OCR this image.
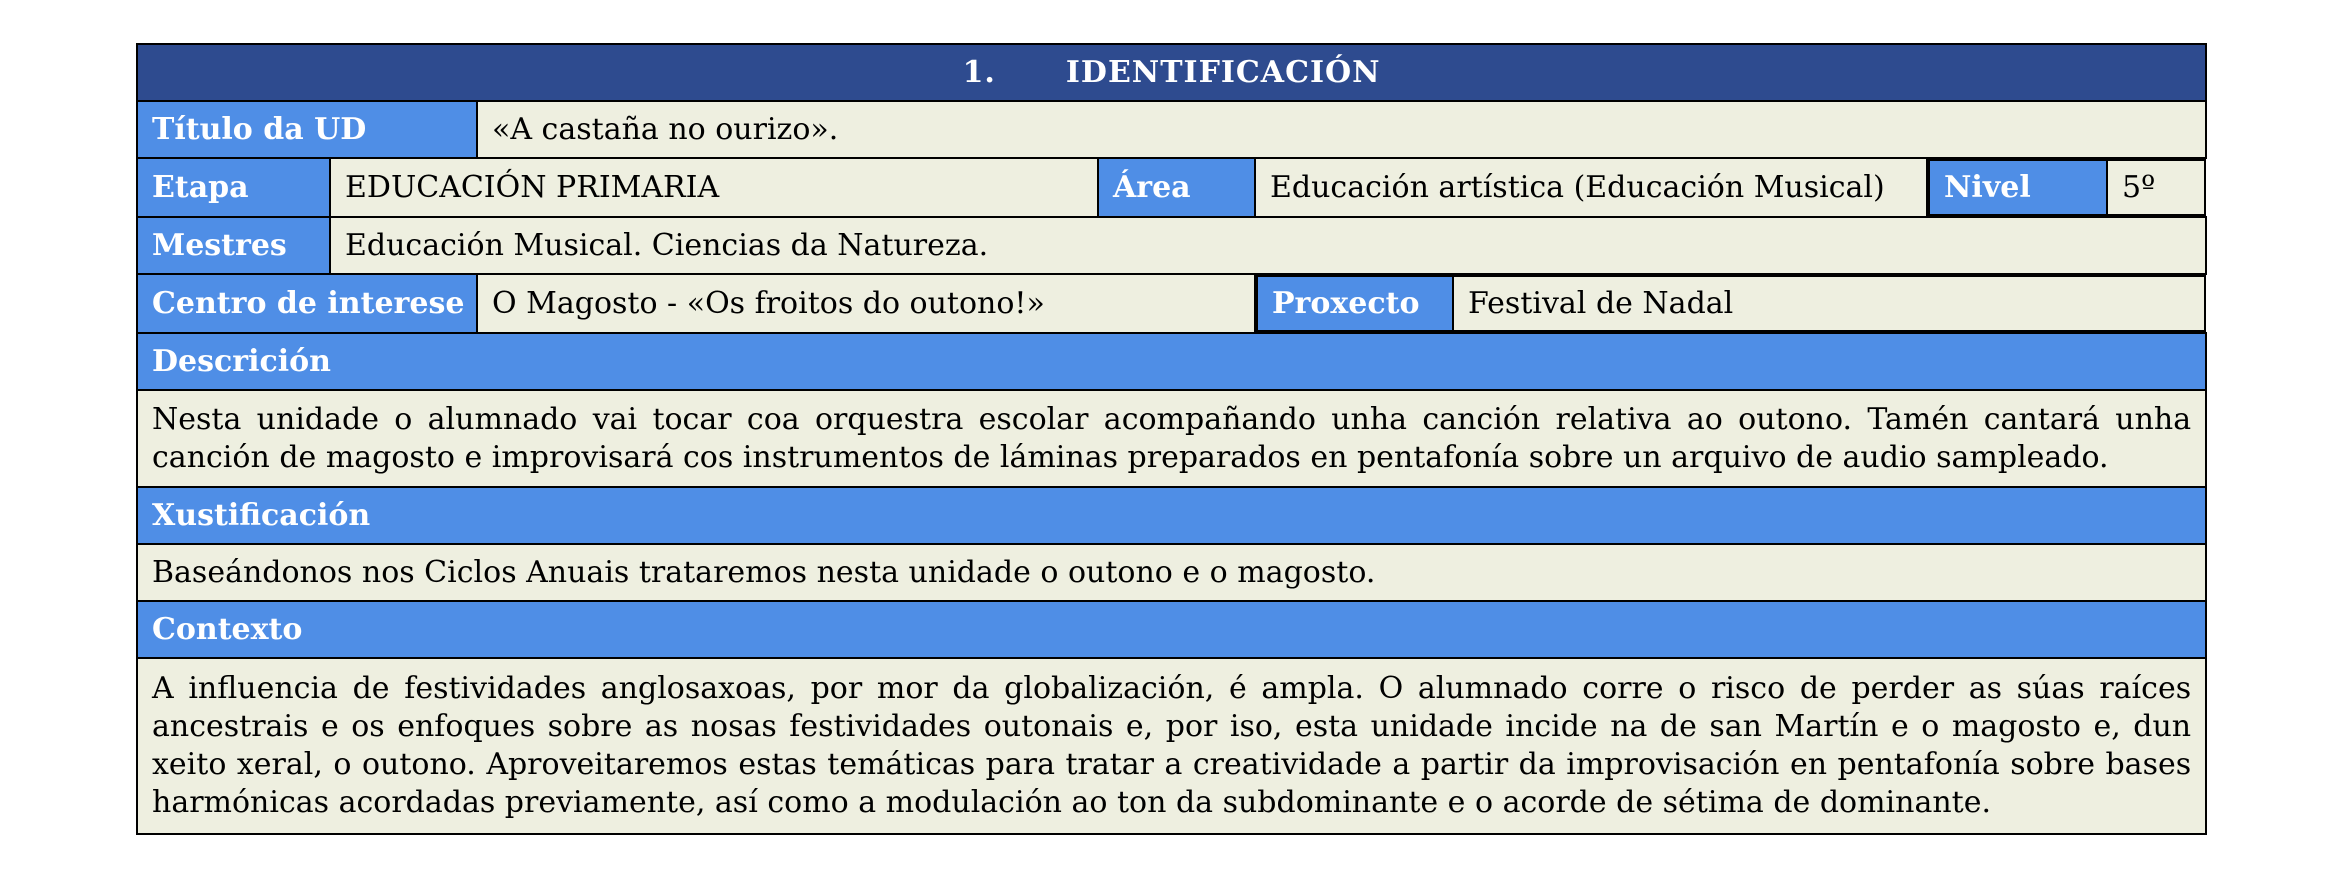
1. IDENTIFICACIÓN
Título da UD	«A castaña no ourizo».
Etapa	EDUCACIÓN PRIMARIA	Área	Educación artística (Educación Musical)	Nivel	5º

Mestres	Educación Musical. Ciencias da Natureza.
Centro de interese	O Magosto - «Os froitos do outono!»		Proxecto	Festival de Nadal

Descrición
Nesta unidade o alumnado vai tocar coa orquestra escolar acompañando unha canción relativa ao outono. Tamén cantará unha canción de magosto e improvisará cos instrumentos de láminas preparados en pentafonía sobre un arquivo de audio sampleado.
Xustificación
Baseándonos nos Ciclos Anuais trataremos nesta unidade o outono e o magosto.
Contexto
A influencia de festividades anglosaxoas, por mor da globalización, é ampla. O alumnado corre o risco de perder as súas raíces ancestrais e os enfoques sobre as nosas festividades outonais e, por iso, esta unidade incide na de san Martín e o magosto e, dun xeito xeral, o outono. Aproveitaremos estas temáticas para tratar a creatividade a partir da improvisación en pentafonía sobre bases harmónicas acordadas previamente, así como a modulación ao ton da subdominante e o acorde de sétima de dominante.
